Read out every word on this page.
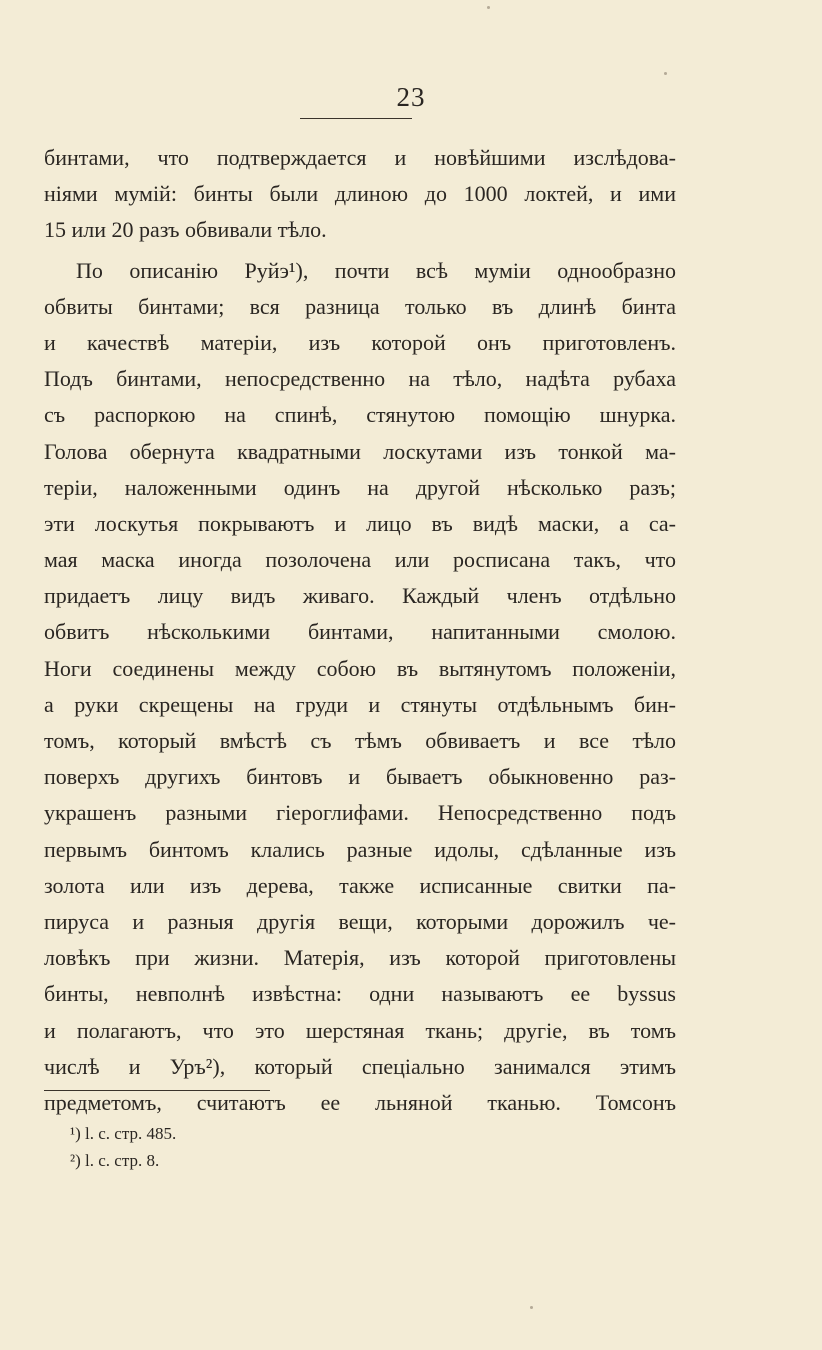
23
бинтами, что подтверждается и новѣйшими изслѣдова-
ніями мумій: бинты были длиною до 1000 локтей, и ими
15 или 20 разъ обвивали тѣло.
По описанію Руйэ¹), почти всѣ муміи однообразно
обвиты бинтами; вся разница только въ длинѣ бинта
и качествѣ матеріи, изъ которой онъ приготовленъ.
Подъ бинтами, непосредственно на тѣло, надѣта рубаха
съ распоркою на спинѣ, стянутою помощію шнурка.
Голова обернута квадратными лоскутами изъ тонкой ма-
теріи, наложенными одинъ на другой нѣсколько разъ;
эти лоскутья покрываютъ и лицо въ видѣ маски, а са-
мая маска иногда позолочена или росписана такъ, что
придаетъ лицу видъ живаго. Каждый членъ отдѣльно
обвитъ нѣсколькими бинтами, напитанными смолою.
Ноги соединены между собою въ вытянутомъ положеніи,
а руки скрещены на груди и стянуты отдѣльнымъ бин-
томъ, который вмѣстѣ съ тѣмъ обвиваетъ и все тѣло
поверхъ другихъ бинтовъ и бываетъ обыкновенно раз-
украшенъ разными гіероглифами. Непосредственно подъ
первымъ бинтомъ клались разные идолы, сдѣланные изъ
золота или изъ дерева, также исписанные свитки па-
пируса и разныя другія вещи, которыми дорожилъ че-
ловѣкъ при жизни. Матерія, изъ которой приготовлены
бинты, невполнѣ извѣстна: одни называютъ ее byssus
и полагаютъ, что это шерстяная ткань; другіе, въ томъ
числѣ и Уръ²), который спеціально занимался этимъ
предметомъ, считаютъ ее льняной тканью. Томсонъ
¹) l. c. стр. 485.
²) l. c. стр. 8.
